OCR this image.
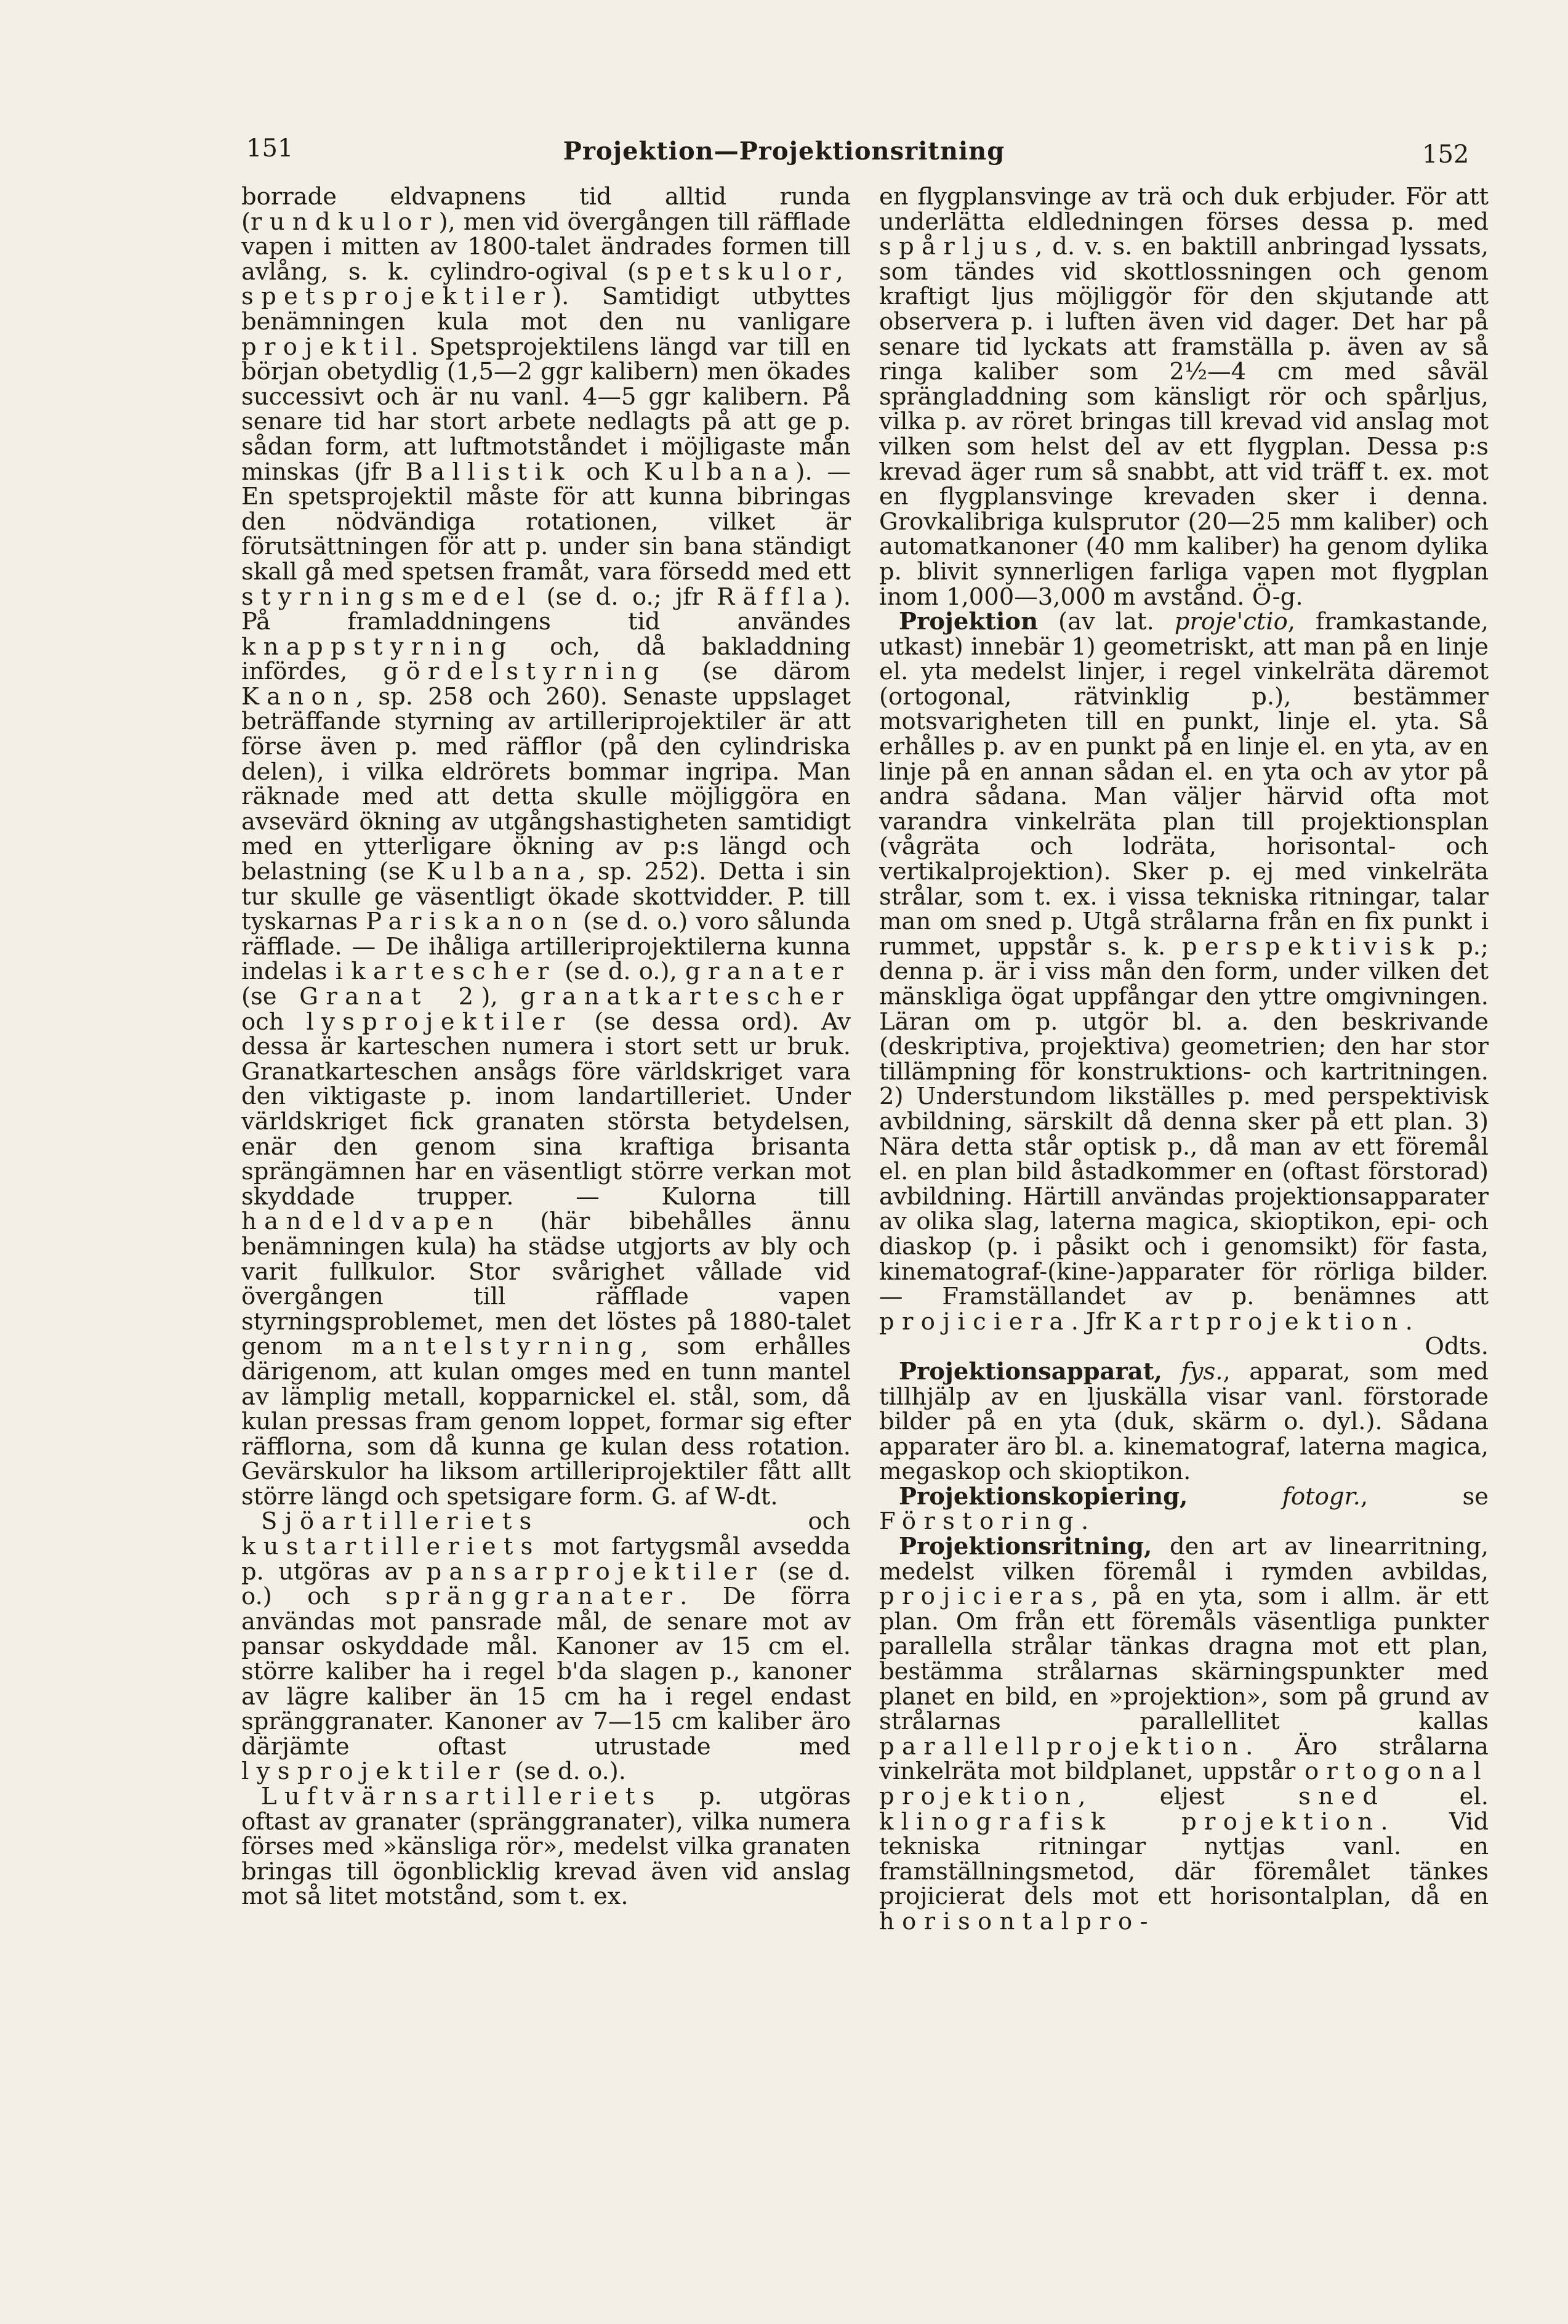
151	Projektion—Projektionsritning	152

borrade eldvapnens tid alltid runda (rundkulor), men vid övergången till räfflade vapen i mitten av 1800-talet ändrades formen till avlång, s. k. cylindro-ogival (spetskulor, spetsprojektiler). Samtidigt utbyttes benämningen kula mot den nu vanligare projektil. Spetsprojektilens längd var till en början obetydlig (1,5—2 ggr kalibern) men ökades successivt och är nu vanl. 4—5 ggr kalibern. På senare tid har stort arbete nedlagts på att ge p. sådan form, att luftmotståndet i möjligaste mån minskas (jfr Ballistik och Kulbana). — En spetsprojektil måste för att kunna bibringas den nödvändiga rotationen, vilket är förutsättningen för att p. under sin bana ständigt skall gå med spetsen framåt, vara försedd med ett styrningsmedel (se d. o.; jfr Räffla). På framladdningens tid användes knappstyrning och, då bakladdning infördes, gördelstyrning (se därom Kanon, sp. 258 och 260). Senaste uppslaget beträffande styrning av artilleriprojektiler är att förse även p. med räfflor (på den cylindriska delen), i vilka eldrörets bommar ingripa. Man räknade med att detta skulle möjliggöra en avsevärd ökning av utgångshastigheten samtidigt med en ytterligare ökning av p:s längd och belastning (se Kulbana, sp. 252). Detta i sin tur skulle ge väsentligt ökade skottvidder. P. till tyskarnas Pariskanon (se d. o.) voro sålunda räfflade. — De ihåliga artilleriprojektilerna kunna indelas i kartescher (se d. o.), granater (se Granat 2), granatkartescher och lysprojektiler (se dessa ord). Av dessa är karteschen numera i stort sett ur bruk. Granatkarteschen ansågs före världskriget vara den viktigaste p. inom landartilleriet. Under världskriget fick granaten största betydelsen, enär den genom sina kraftiga brisanta sprängämnen har en väsentligt större verkan mot skyddade trupper. — Kulorna till handeldvapen (här bibehålles ännu benämningen kula) ha städse utgjorts av bly och varit fullkulor. Stor svårighet vållade vid övergången till räfflade vapen styrningsproblemet, men det löstes på 1880-talet genom mantelstyrning, som erhålles därigenom, att kulan omges med en tunn mantel av lämplig metall, kopparnickel el. stål, som, då kulan pressas fram genom loppet, formar sig efter räfflorna, som då kunna ge kulan dess rotation. Gevärskulor ha liksom artilleriprojektiler fått allt större längd och spetsigare form. G. af W-dt.

Sjöartilleriets och kustartilleriets mot fartygsmål avsedda p. utgöras av pansarprojektiler (se d. o.) och spränggranater. De förra användas mot pansrade mål, de senare mot av pansar oskyddade mål. Kanoner av 15 cm el. större kaliber ha i regel b'da slagen p., kanoner av lägre kaliber än 15 cm ha i regel endast spränggranater. Kanoner av 7—15 cm kaliber äro därjämte oftast utrustade med lysprojektiler (se d. o.).

Luftvärnsartilleriets p. utgöras oftast av granater (spränggranater), vilka numera förses med »känsliga rör», medelst vilka granaten bringas till ögonblicklig krevad även vid anslag mot så litet motstånd, som t. ex.

en flygplansvinge av trä och duk erbjuder. För att underlätta eldledningen förses dessa p. med spårljus, d. v. s. en baktill anbringad lyssats, som tändes vid skottlossningen och genom kraftigt ljus möjliggör för den skjutande att observera p. i luften även vid dager. Det har på senare tid lyckats att framställa p. även av så ringa kaliber som 2½—4 cm med såväl sprängladdning som känsligt rör och spårljus, vilka p. av röret bringas till krevad vid anslag mot vilken som helst del av ett flygplan. Dessa p:s krevad äger rum så snabbt, att vid träff t. ex. mot en flygplansvinge krevaden sker i denna. Grovkalibriga kulsprutor (20—25 mm kaliber) och automatkanoner (40 mm kaliber) ha genom dylika p. blivit synnerligen farliga vapen mot flygplan inom 1,000—3,000 m avstånd. Ö-g.

Projektion (av lat. proje'ctio, framkastande, utkast) innebär 1) geometriskt, att man på en linje el. yta medelst linjer, i regel vinkelräta däremot (ortogonal, rätvinklig p.), bestämmer motsvarigheten till en punkt, linje el. yta. Så erhålles p. av en punkt på en linje el. en yta, av en linje på en annan sådan el. en yta och av ytor på andra sådana. Man väljer härvid ofta mot varandra vinkelräta plan till projektionsplan (vågräta och lodräta, horisontal- och vertikalprojektion). Sker p. ej med vinkelräta strålar, som t. ex. i vissa tekniska ritningar, talar man om sned p. Utgå strålarna från en fix punkt i rummet, uppstår s. k. perspektivisk p.; denna p. är i viss mån den form, under vilken det mänskliga ögat uppfångar den yttre omgivningen. Läran om p. utgör bl. a. den beskrivande (deskriptiva, projektiva) geometrien; den har stor tillämpning för konstruktions- och kartritningen. 2) Understundom likställes p. med perspektivisk avbildning, särskilt då denna sker på ett plan. 3) Nära detta står optisk p., då man av ett föremål el. en plan bild åstadkommer en (oftast förstorad) avbildning. Härtill användas projektionsapparater av olika slag, laterna magica, skioptikon, epi- och diaskop (p. i påsikt och i genomsikt) för fasta, kinematograf-(kine-)apparater för rörliga bilder. — Framställandet av p. benämnes att projiciera. Jfr Kartprojektion.
Odts.

Projektionsapparat, fys., apparat, som med tillhjälp av en ljuskälla visar vanl. förstorade bilder på en yta (duk, skärm o. dyl.). Sådana apparater äro bl. a. kinematograf, laterna magica, megaskop och skioptikon.

Projektionskopiering,	fotogr., se Förstoring.

Projektionsritning, den art av linearritning, medelst vilken föremål i rymden avbildas, projicieras, på en yta, som i allm. är ett plan. Om från ett föremåls väsentliga punkter parallella strålar tänkas dragna mot ett plan, bestämma strålarnas skärningspunkter med planet en bild, en »projektion», som på grund av strålarnas parallellitet kallas parallellprojektion. Äro strålarna vinkelräta mot bildplanet, uppstår ortogonal projektion, eljest sned el. klinografisk projektion. Vid tekniska ritningar nyttjas vanl. en framställningsmetod, där föremålet tänkes projicierat dels mot ett horisontalplan, då en horisontalpro-
